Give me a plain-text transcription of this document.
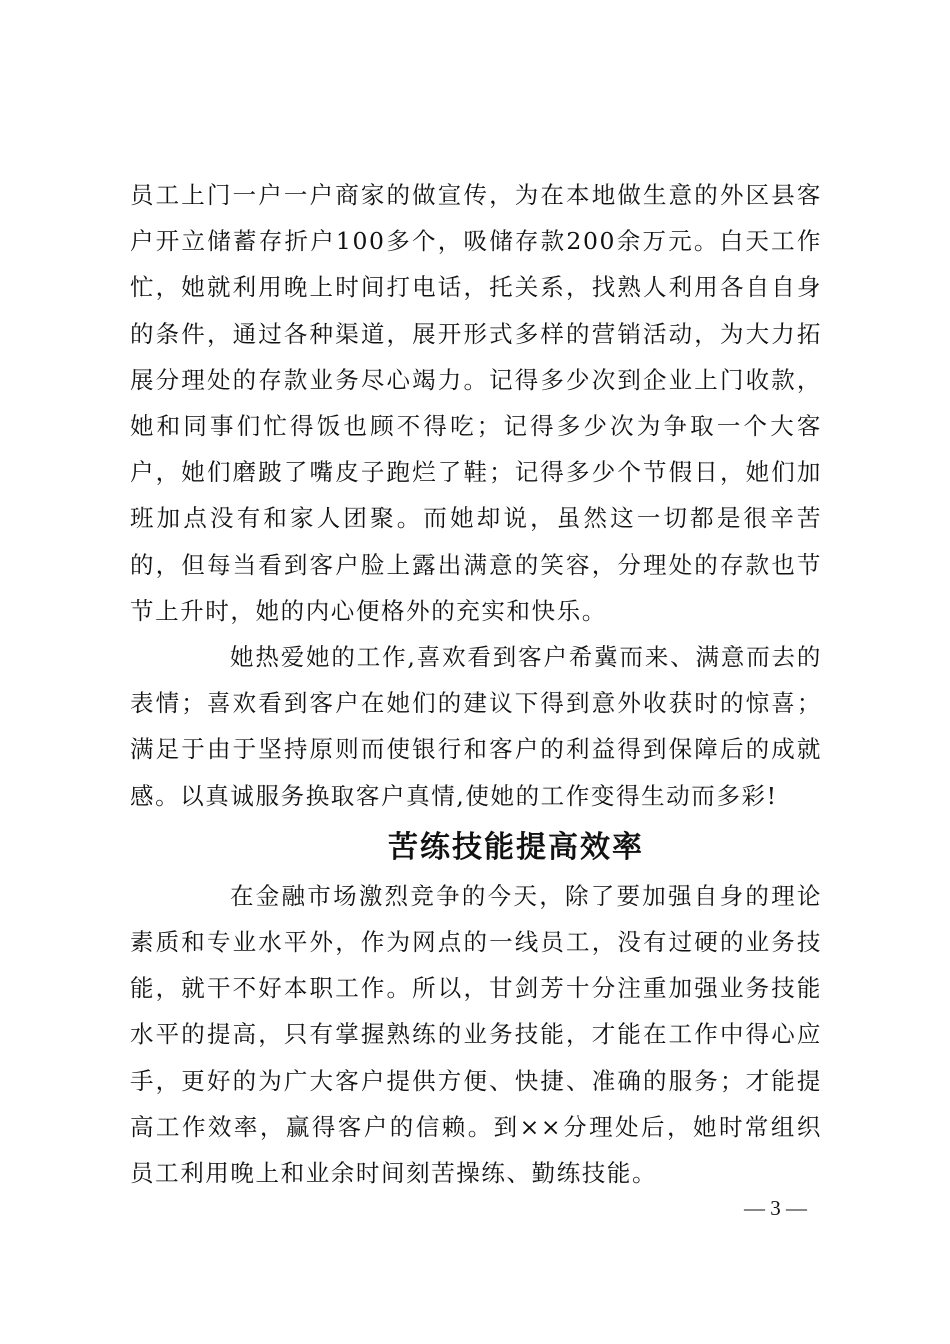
员工上门一户一户商家的做宣传，为在本地做生意的外区县客户开立储蓄存折户100多个，吸储存款200余万元。白天工作忙，她就利用晚上时间打电话，托关系，找熟人利用各自自身的条件，通过各种渠道，展开形式多样的营销活动，为大力拓展分理处的存款业务尽心竭力。记得多少次到企业上门收款，她和同事们忙得饭也顾不得吃；记得多少次为争取一个大客户，她们磨跛了嘴皮子跑烂了鞋；记得多少个节假日，她们加班加点没有和家人团聚。而她却说，虽然这一切都是很辛苦的，但每当看到客户脸上露出满意的笑容，分理处的存款也节节上升时，她的内心便格外的充实和快乐。

她热爱她的工作,喜欢看到客户希冀而来、满意而去的表情；喜欢看到客户在她们的建议下得到意外收获时的惊喜；满足于由于坚持原则而使银行和客户的利益得到保障后的成就感。以真诚服务换取客户真情,使她的工作变得生动而多彩!

苦练技能提高效率

在金融市场激烈竞争的今天，除了要加强自身的理论素质和专业水平外，作为网点的一线员工，没有过硬的业务技能，就干不好本职工作。所以，甘剑芳十分注重加强业务技能水平的提高，只有掌握熟练的业务技能，才能在工作中得心应手，更好的为广大客户提供方便、快捷、准确的服务；才能提高工作效率，赢得客户的信赖。到××分理处后，她时常组织员工利用晚上和业余时间刻苦操练、勤练技能。

— 3 —
